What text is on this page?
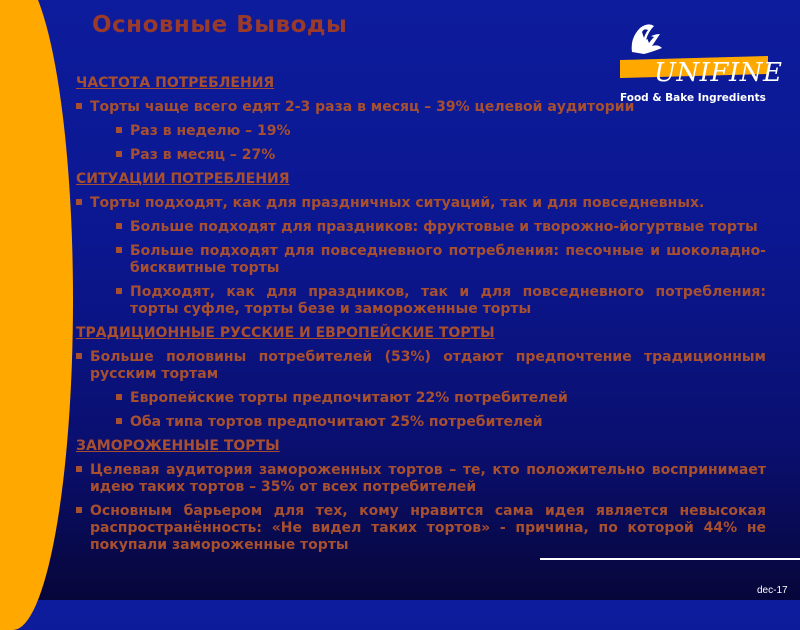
Основные Выводы
UNIFINE
Food & Bake Ingredients
ЧАСТОТА ПОТРЕБЛЕНИЯ
Торты чаще всего едят 2-3 раза в месяц – 39% целевой аудитории
Раз в неделю – 19%
Раз в месяц – 27%
СИТУАЦИИ ПОТРЕБЛЕНИЯ
Торты подходят, как для праздничных ситуаций, так и для повседневных.
Больше подходят для праздников: фруктовые и творожно-йогуртвые торты
Больше подходят для повседневного потребления: песочные и шоколадно-бисквитные торты
Подходят, как для праздников, так и для повседневного потребления: торты суфле, торты безе и замороженные торты
ТРАДИЦИОННЫЕ РУССКИЕ И ЕВРОПЕЙСКИЕ ТОРТЫ
Больше половины потребителей (53%) отдают предпочтение традиционным русским тортам
Европейские торты предпочитают 22% потребителей
Оба типа тортов предпочитают 25% потребителей
ЗАМОРОЖЕННЫЕ ТОРТЫ
Целевая аудитория замороженных тортов – те, кто положительно воспринимает идею таких тортов – 35% от всех потребителей
Основным барьером для тех, кому нравится сама идея является невысокая распространённость: «Не видел таких тортов» - причина, по которой 44% не покупали замороженные торты
dec-17
